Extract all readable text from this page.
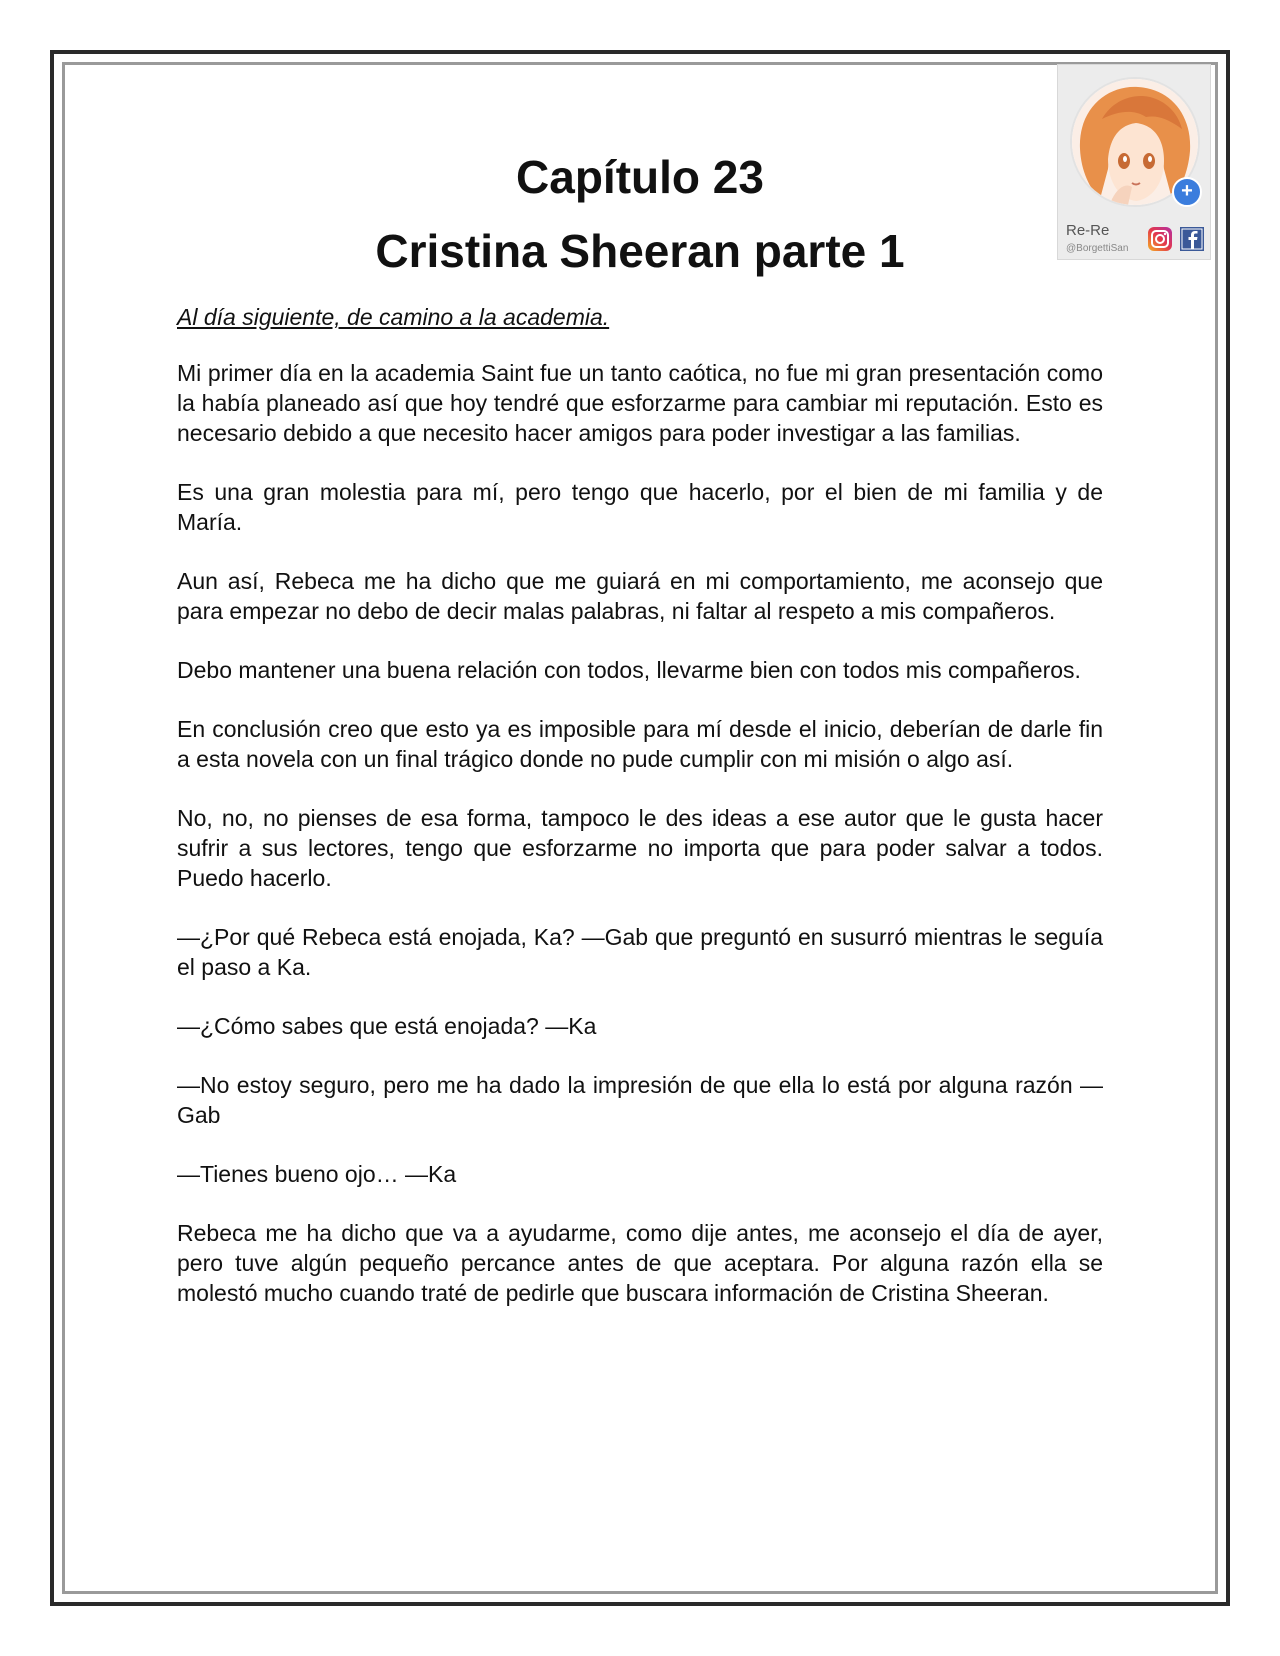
+
Re-Re
@BorgettiSan
Capítulo 23
Cristina Sheeran parte 1

Al día siguiente, de camino a la academia.

Mi primer día en la academia Saint fue un tanto caótica, no fue mi gran presentación como la había planeado así que hoy tendré que esforzarme para cambiar mi reputación. Esto es necesario debido a que necesito hacer amigos para poder investigar a las familias.

Es una gran molestia para mí, pero tengo que hacerlo, por el bien de mi familia y de María.

Aun así, Rebeca me ha dicho que me guiará en mi comportamiento, me aconsejo que para empezar no debo de decir malas palabras, ni faltar al respeto a mis compañeros.

Debo mantener una buena relación con todos, llevarme bien con todos mis compañeros.

En conclusión creo que esto ya es imposible para mí desde el inicio, deberían de darle fin a esta novela con un final trágico donde no pude cumplir con mi misión o algo así.

No, no, no pienses de esa forma, tampoco le des ideas a ese autor que le gusta hacer sufrir a sus lectores, tengo que esforzarme no importa que para poder salvar a todos. Puedo hacerlo.

—¿Por qué Rebeca está enojada, Ka? —Gab que preguntó en susurró mientras le seguía el paso a Ka.

—¿Cómo sabes que está enojada? —Ka

—No estoy seguro, pero me ha dado la impresión de que ella lo está por alguna razón —Gab

—Tienes bueno ojo… —Ka

Rebeca me ha dicho que va a ayudarme, como dije antes, me aconsejo el día de ayer, pero tuve algún pequeño percance antes de que aceptara. Por alguna razón ella se molestó mucho cuando traté de pedirle que buscara información de Cristina Sheeran.
